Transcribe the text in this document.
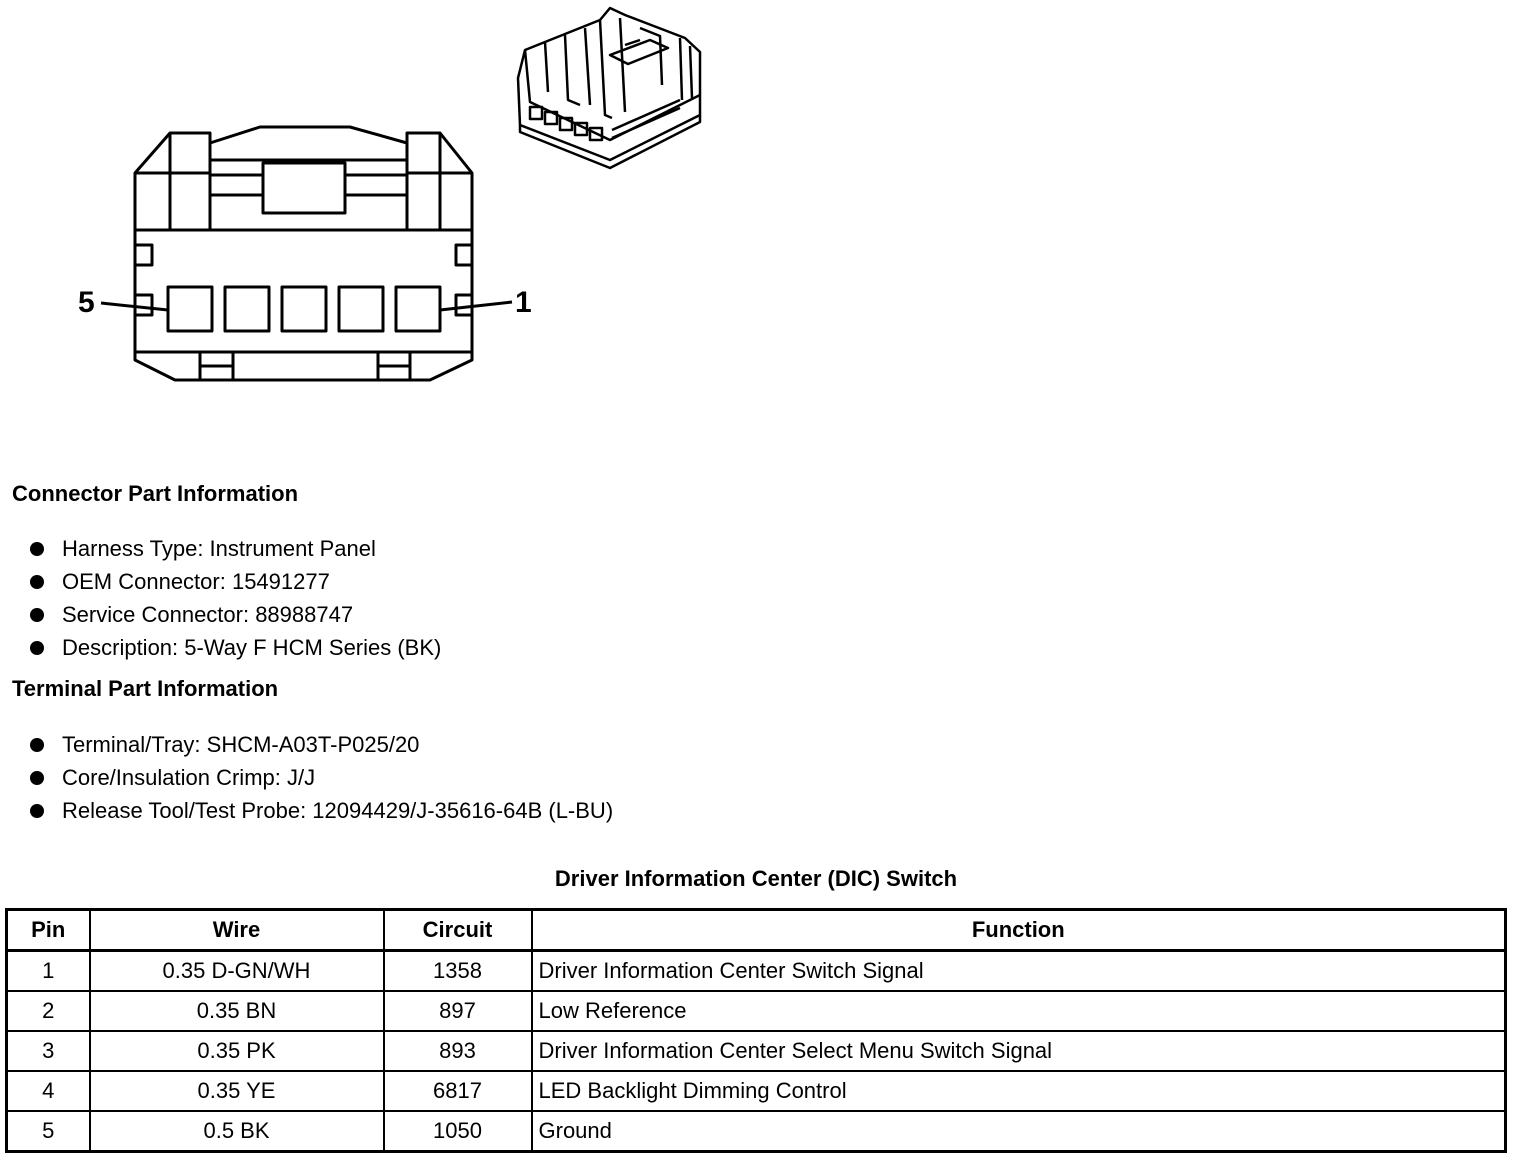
5	1
Connector Part Information
Harness Type: Instrument Panel
OEM Connector: 15491277
Service Connector: 88988747
Description: 5-Way F HCM Series (BK)
Terminal Part Information
Terminal/Tray: SHCM-A03T-P025/20
Core/Insulation Crimp: J/J
Release Tool/Test Probe: 12094429/J-35616-64B (L-BU)
Driver Information Center (DIC) Switch
Pin	Wire	Circuit	Function
1	0.35 D-GN/WH	1358	Driver Information Center Switch Signal
2	0.35 BN	897	Low Reference
3	0.35 PK	893	Driver Information Center Select Menu Switch Signal
4	0.35 YE	6817	LED Backlight Dimming Control
5	0.5 BK	1050	Ground
